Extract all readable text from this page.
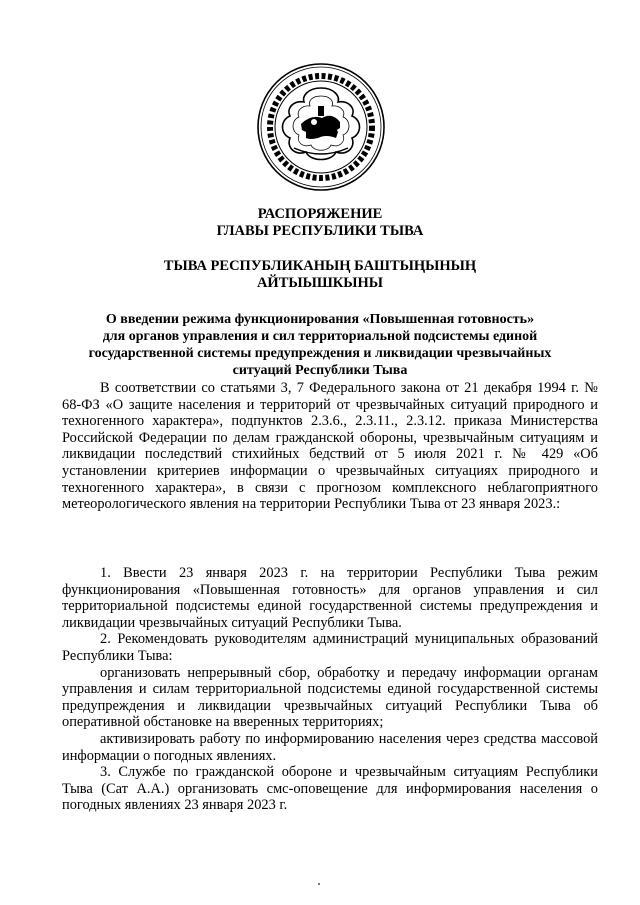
РАСПОРЯЖЕНИЕ
ГЛАВЫ РЕСПУБЛИКИ ТЫВА
ТЫВА РЕСПУБЛИКАНЫҢ БАШТЫҢЫНЫҢ
АЙТЫЫШКЫНЫ
О введении режима функционирования «Повышенная готовность»
для органов управления и сил территориальной подсистемы единой
государственной системы предупреждения и ликвидации чрезвычайных
ситуаций Республики Тыва

В соответствии со статьями 3, 7 Федерального закона от 21 декабря 1994 г. № 68-ФЗ «О защите населения и территорий от чрезвычайных ситуаций природного и техногенного характера», подпунктов 2.3.6., 2.3.11., 2.3.12. приказа Министерства Российской Федерации по делам гражданской обороны, чрезвычайным ситуациям и ликвидации последствий стихийных бедствий от 5 июля 2021 г. № 429 «Об установлении критериев информации о чрезвычайных ситуациях природного и техногенного характера», в связи с прогнозом комплексного неблагоприятного метеорологического явления на территории Республики Тыва от 23 января 2023.:

1. Ввести 23 января 2023 г. на территории Республики Тыва режим функционирования «Повышенная готовность» для органов управления и сил территориальной подсистемы единой государственной системы предупреждения и ликвидации чрезвычайных ситуаций Республики Тыва.

2. Рекомендовать руководителям администраций муниципальных образований Республики Тыва:

организовать непрерывный сбор, обработку и передачу информации органам управления и силам территориальной подсистемы единой государственной системы предупреждения и ликвидации чрезвычайных ситуаций Республики Тыва об оперативной обстановке на вверенных территориях;

активизировать работу по информированию населения через средства массовой информации о погодных явлениях.

3. Службе по гражданской обороне и чрезвычайным ситуациям Республики Тыва (Сат А.А.) организовать смс-оповещение для информирования населения о погодных явлениях 23 января 2023 г.
